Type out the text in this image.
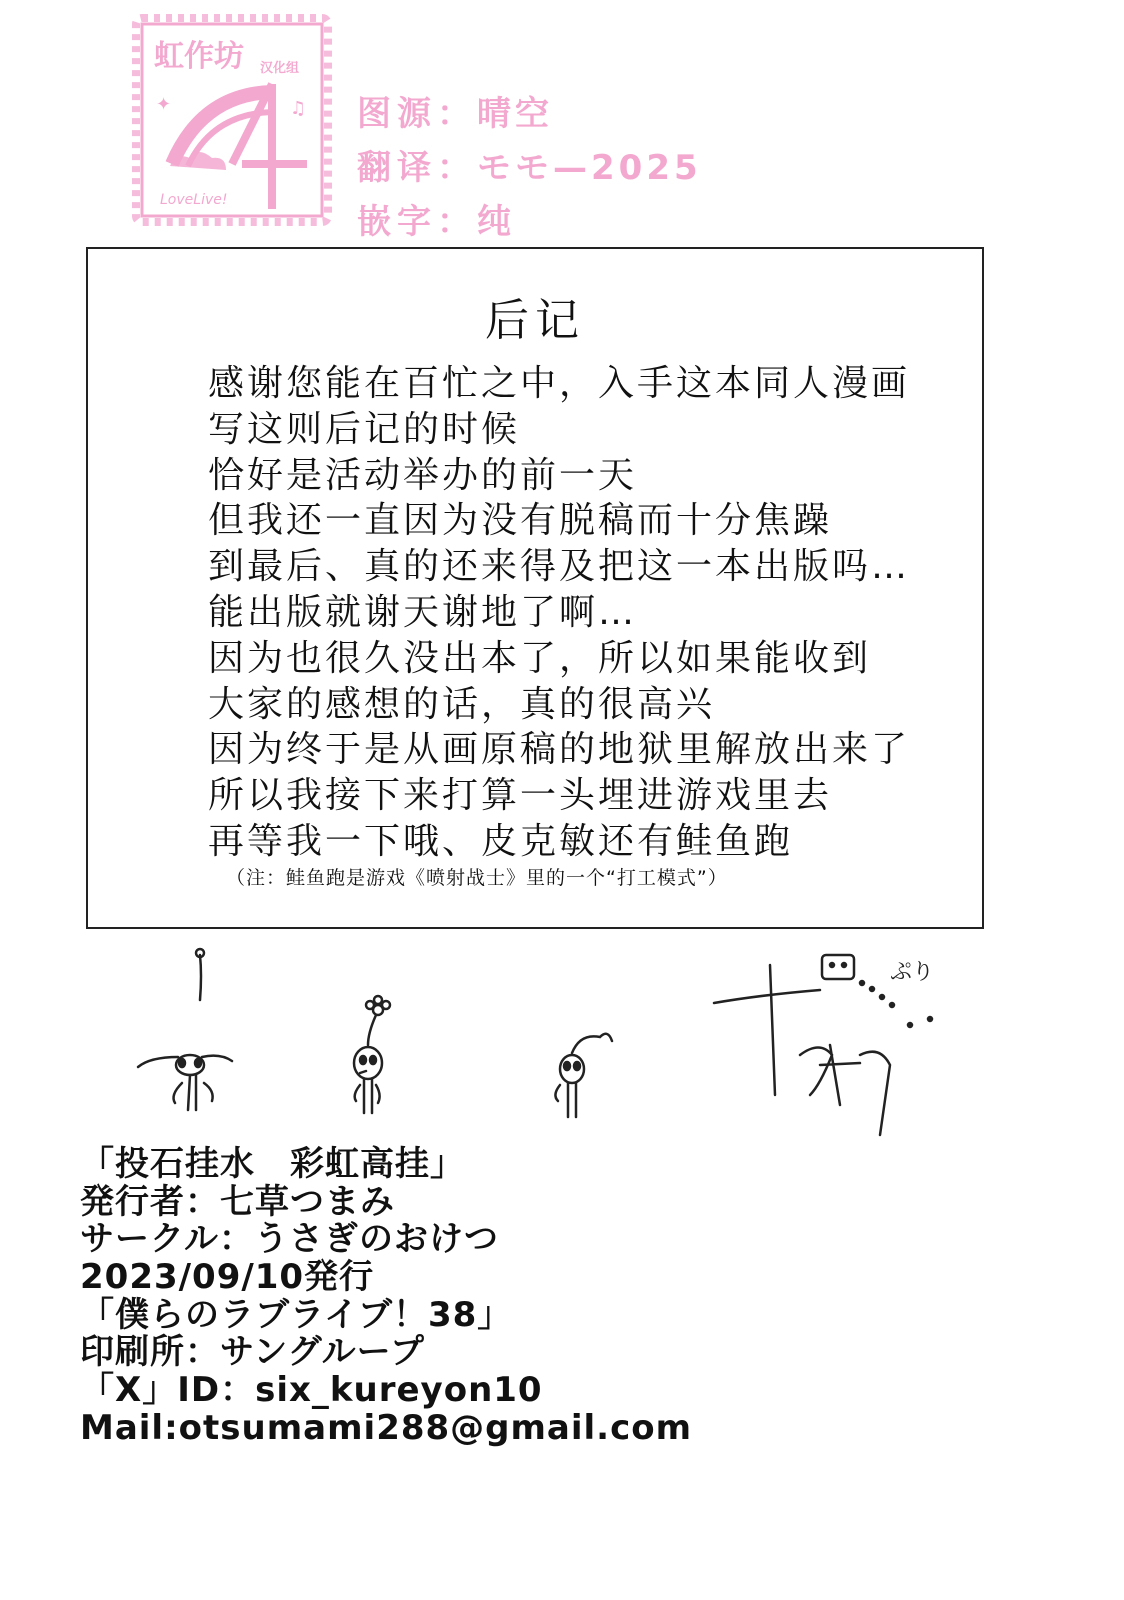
虹作坊 汉化组
✦
♪
♫
LoveLive!
图源：晴空
翻译：モモ—2025
嵌字：纯
后记
感谢您能在百忙之中，入手这本同人漫画
写这则后记的时候
恰好是活动举办的前一天
但我还一直因为没有脱稿而十分焦躁
到最后、真的还来得及把这一本出版吗…
能出版就谢天谢地了啊…
因为也很久没出本了，所以如果能收到
大家的感想的话，真的很高兴
因为终于是从画原稿的地狱里解放出来了
所以我接下来打算一头埋进游戏里去
再等我一下哦、皮克敏还有鲑鱼跑
（注：鲑鱼跑是游戏《喷射战士》里的一个“打工模式”）
ぷり
「投石挂水　彩虹高挂」
発行者：七草つまみ
サークル：うさぎのおけつ
2023/09/10発行
「僕らのラブライブ！38」
印刷所：サングループ
「X」ID：six_kureyon10
Mail:otsumami288@gmail.com
